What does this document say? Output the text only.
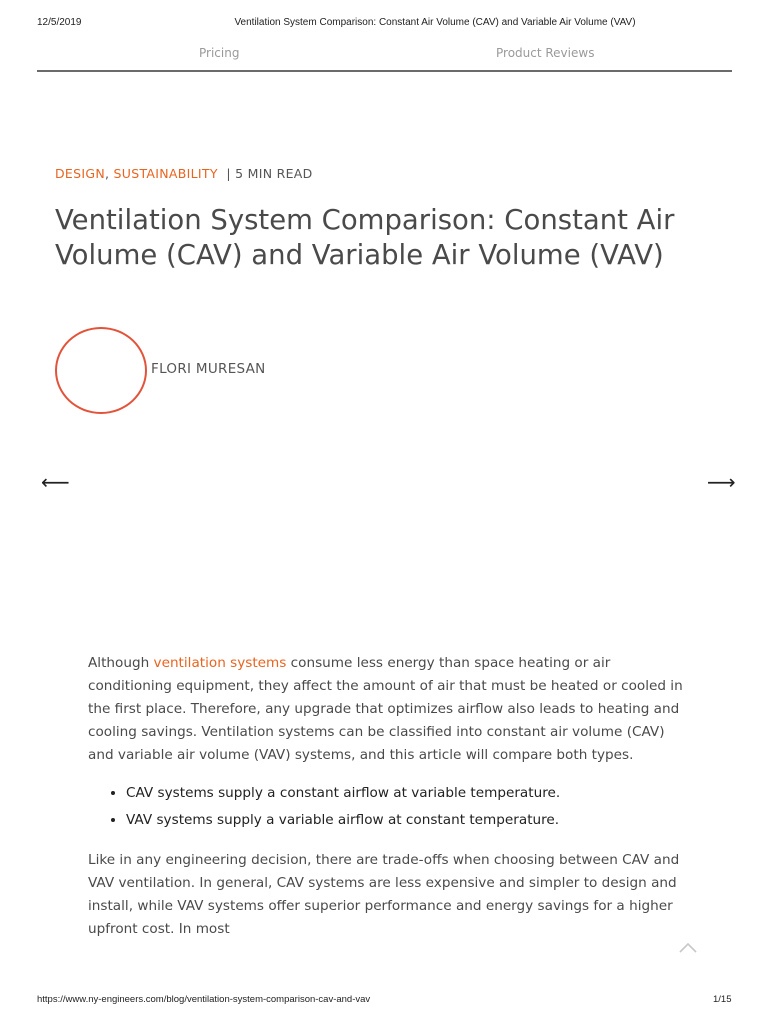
12/5/2019	Ventilation System Comparison: Constant Air Volume (CAV) and Variable Air Volume (VAV)
Pricing	Product Reviews
DESIGN, SUSTAINABILITY | 5 MIN READ
Ventilation System Comparison: Constant Air Volume (CAV) and Variable Air Volume (VAV)
FLORI MURESAN
⟵	⟶

Although ventilation systems consume less energy than space heating or air conditioning equipment, they affect the amount of air that must be heated or cooled in the first place. Therefore, any upgrade that optimizes airflow also leads to heating and cooling savings. Ventilation systems can be classified into constant air volume (CAV) and variable air volume (VAV) systems, and this article will compare both types.

• CAV systems supply a constant airflow at variable temperature.
• VAV systems supply a variable airflow at constant temperature.

Like in any engineering decision, there are trade-offs when choosing between CAV and VAV ventilation. In general, CAV systems are less expensive and simpler to design and install, while VAV systems offer superior performance and energy savings for a higher upfront cost. In most

https://www.ny-engineers.com/blog/ventilation-system-comparison-cav-and-vav	1/15
